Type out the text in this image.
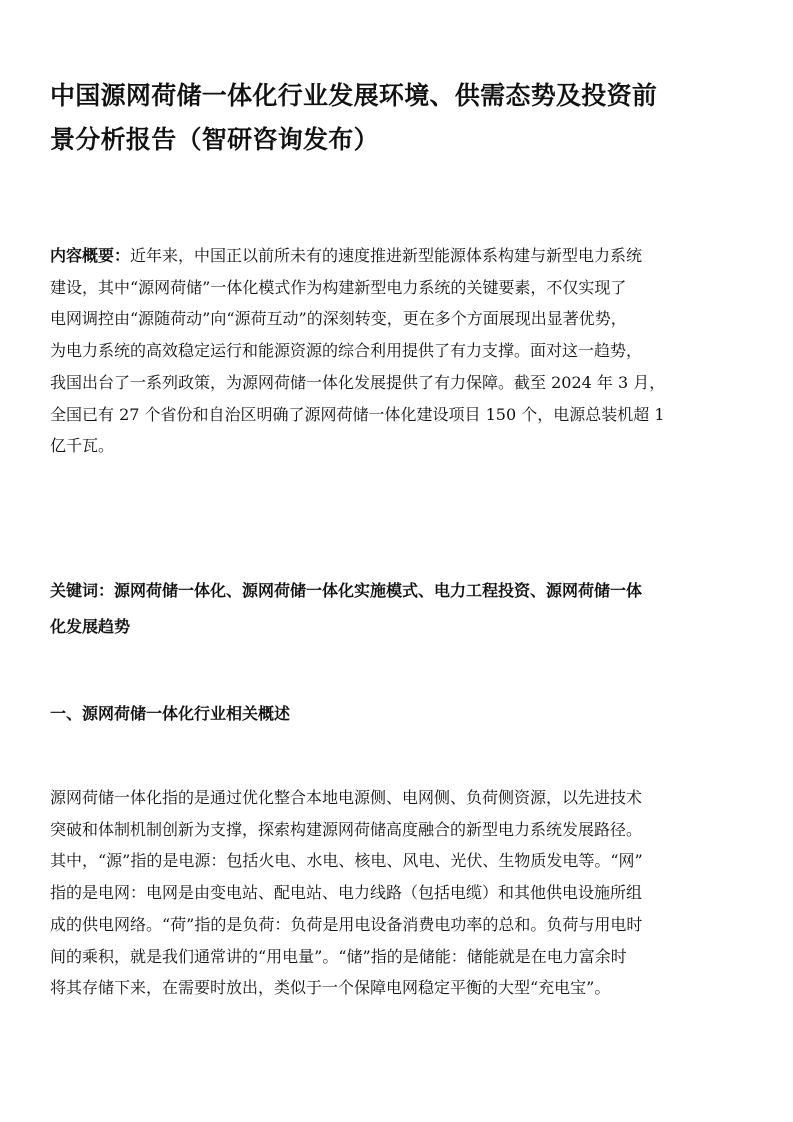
中国源网荷储一体化行业发展环境、供需态势及投资前
景分析报告（智研咨询发布）
内容概要：近年来，中国正以前所未有的速度推进新型能源体系构建与新型电力系统
建设，其中“源网荷储”一体化模式作为构建新型电力系统的关键要素，不仅实现了
电网调控由“源随荷动”向“源荷互动”的深刻转变，更在多个方面展现出显著优势，
为电力系统的高效稳定运行和能源资源的综合利用提供了有力支撑。面对这一趋势，
我国出台了一系列政策，为源网荷储一体化发展提供了有力保障。截至 2024 年 3 月，
全国已有 27 个省份和自治区明确了源网荷储一体化建设项目 150 个，电源总装机超 1
亿千瓦。
关键词：源网荷储一体化、源网荷储一体化实施模式、电力工程投资、源网荷储一体
化发展趋势
一、源网荷储一体化行业相关概述
源网荷储一体化指的是通过优化整合本地电源侧、电网侧、负荷侧资源，以先进技术
突破和体制机制创新为支撑，探索构建源网荷储高度融合的新型电力系统发展路径。
其中，“源”指的是电源：包括火电、水电、核电、风电、光伏、生物质发电等。“网”
指的是电网：电网是由变电站、配电站、电力线路（包括电缆）和其他供电设施所组
成的供电网络。“荷”指的是负荷：负荷是用电设备消费电功率的总和。负荷与用电时
间的乘积，就是我们通常讲的“用电量”。“储”指的是储能：储能就是在电力富余时
将其存储下来，在需要时放出，类似于一个保障电网稳定平衡的大型“充电宝”。
